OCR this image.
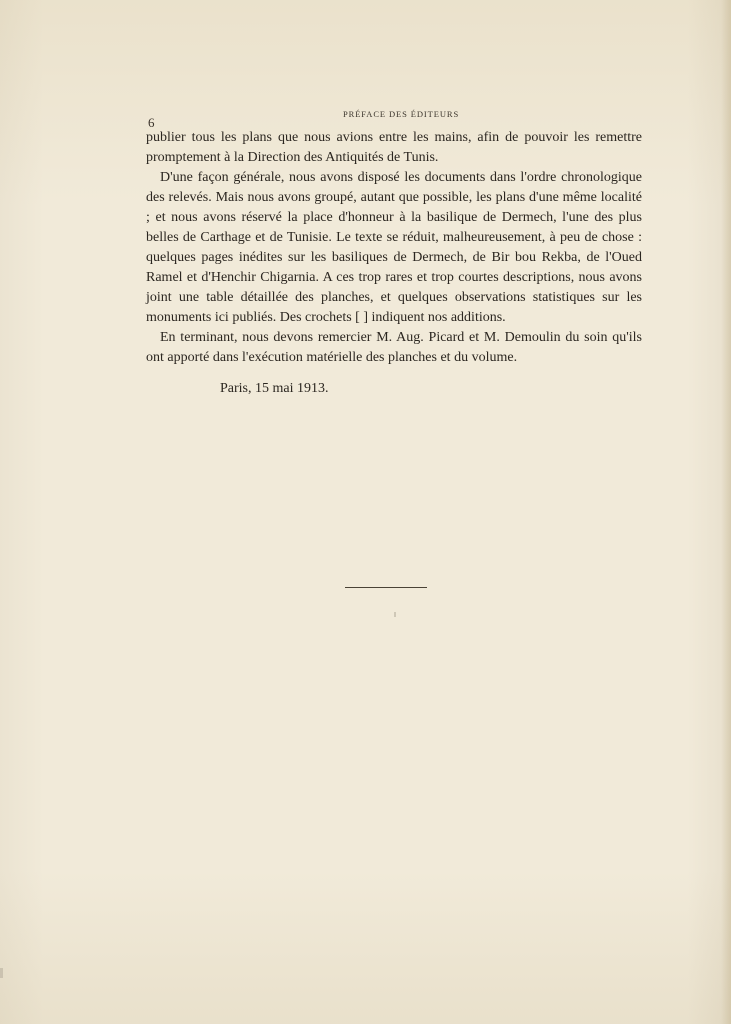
6
PRÉFACE DES ÉDITEURS

publier tous les plans que nous avions entre les mains, afin de pouvoir les remettre promptement à la Direction des Antiquités de Tunis.

D'une façon générale, nous avons disposé les documents dans l'ordre chronologique des relevés. Mais nous avons groupé, autant que possible, les plans d'une même localité ; et nous avons réservé la place d'honneur à la basilique de Dermech, l'une des plus belles de Carthage et de Tunisie. Le texte se réduit, malheureusement, à peu de chose : quelques pages inédites sur les basiliques de Dermech, de Bir bou Rekba, de l'Oued Ramel et d'Henchir Chigarnia. A ces trop rares et trop courtes descriptions, nous avons joint une table détaillée des planches, et quelques observations statistiques sur les monuments ici publiés. Des crochets [ ] indiquent nos additions.

En terminant, nous devons remercier M. Aug. Picard et M. Demoulin du soin qu'ils ont apporté dans l'exécution matérielle des planches et du volume.

Paris, 15 mai 1913.
